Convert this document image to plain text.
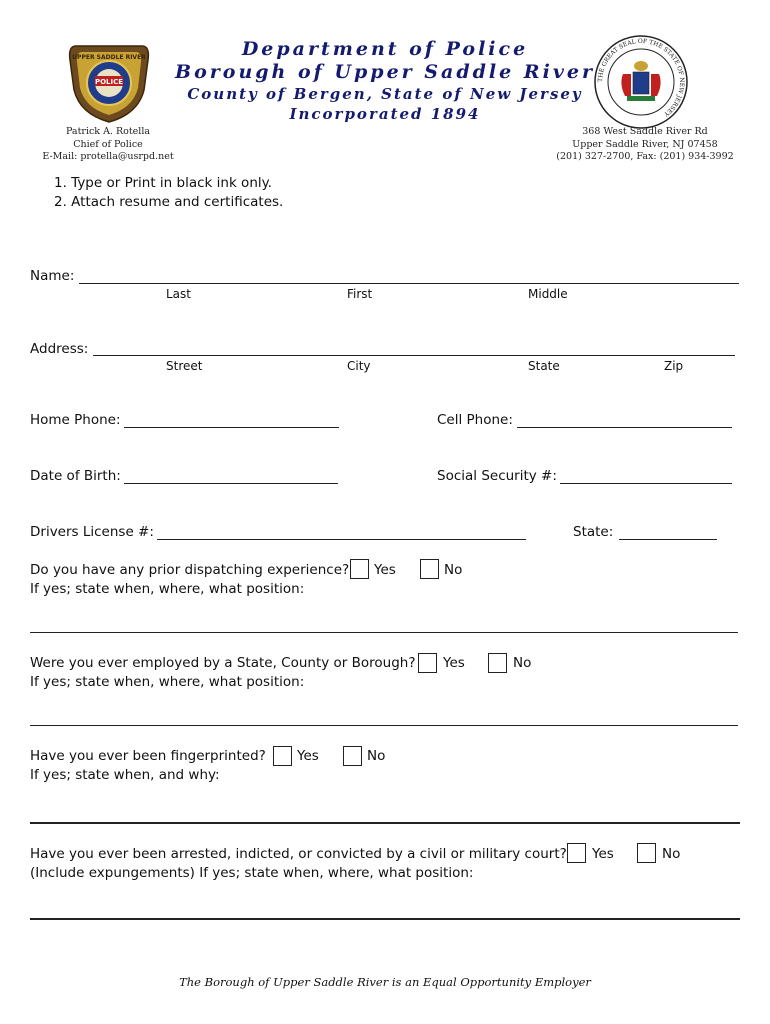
Department of Police
Borough of Upper Saddle River
County of Bergen, State of New Jersey
Incorporated 1894
POLICE
UPPER SADDLE RIVER
THE GREAT SEAL OF THE STATE OF NEW JERSEY
Patrick A. Rotella
Chief of Police
E-Mail: protella@usrpd.net
368 West Saddle River Rd
Upper Saddle River, NJ 07458
(201) 327-2700, Fax: (201) 934-3992
1. Type or Print in black ink only.
2. Attach resume and certificates.
Name:
Last	First	Middle
Address:
Street	City	State	Zip
Home Phone:	Cell Phone:
Date of Birth:	Social Security #:
Drivers License #:	State:
Do you have any prior dispatching experience? Yes	No
If yes; state when, where, what position:
Were you ever employed by a State, County or Borough? Yes	No
If yes; state when, where, what position:
Have you ever been fingerprinted? Yes	No
If yes; state when, and why:
Have you ever been arrested, indicted, or convicted by a civil or military court? Yes	No
(Include expungements) If yes; state when, where, what position:
The Borough of Upper Saddle River is an Equal Opportunity Employer
